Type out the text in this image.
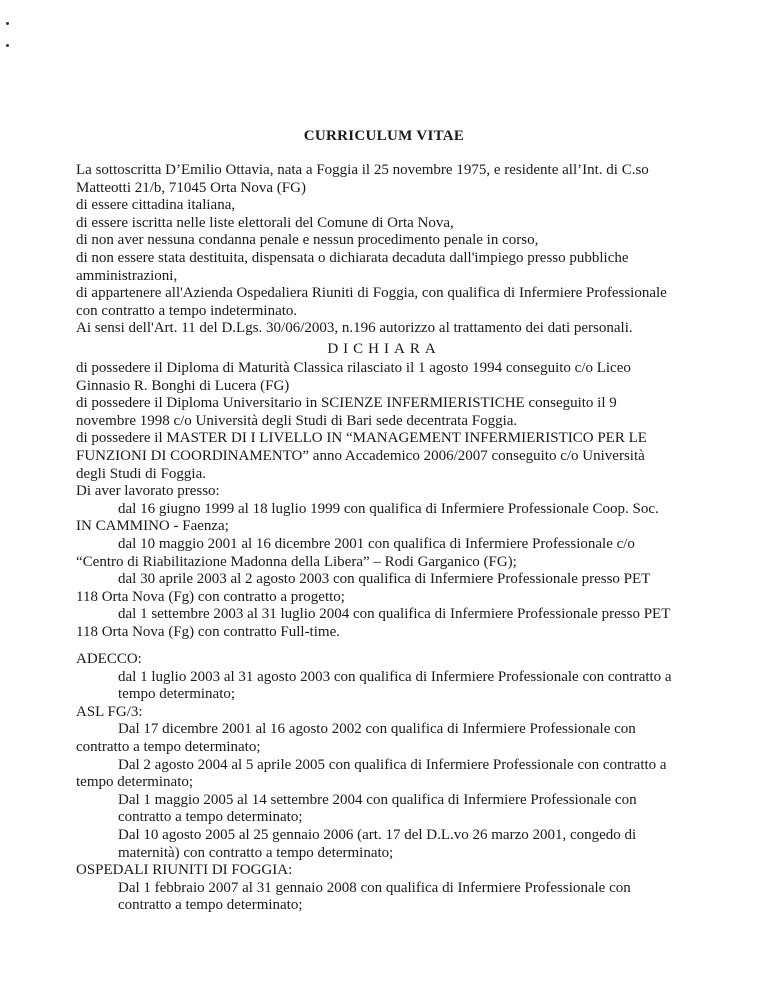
CURRICULUM VITAE
La sottoscritta D’Emilio Ottavia, nata a Foggia il 25 novembre 1975, e residente all’Int. di C.so
Matteotti 21/b, 71045 Orta Nova (FG)
di essere cittadina italiana,
di essere iscritta nelle liste elettorali del Comune di Orta Nova,
di non aver nessuna condanna penale e nessun procedimento penale in corso,
di non essere stata destituita, dispensata o dichiarata decaduta dall'impiego presso pubbliche
amministrazioni,
di appartenere all'Azienda Ospedaliera Riuniti di Foggia, con qualifica di Infermiere Professionale
con contratto a tempo indeterminato.
Ai sensi dell'Art. 11 del D.Lgs. 30/06/2003, n.196 autorizzo al trattamento dei dati personali.
DICHIARA
di possedere il Diploma di Maturità Classica rilasciato il 1 agosto 1994 conseguito c/o Liceo
Ginnasio R. Bonghi di Lucera (FG)
di possedere il Diploma Universitario in SCIENZE INFERMIERISTICHE conseguito il 9
novembre 1998 c/o Università degli Studi di Bari sede decentrata Foggia.
di possedere il MASTER DI I LIVELLO IN “MANAGEMENT INFERMIERISTICO PER LE
FUNZIONI DI COORDINAMENTO” anno Accademico 2006/2007 conseguito c/o Università
degli Studi di Foggia.
Di aver lavorato presso:
dal 16 giugno 1999 al 18 luglio 1999 con qualifica di Infermiere Professionale Coop. Soc.
IN CAMMINO - Faenza;
dal 10 maggio 2001 al 16 dicembre 2001 con qualifica di Infermiere Professionale c/o
“Centro di Riabilitazione Madonna della Libera” – Rodi Garganico (FG);
dal 30 aprile 2003 al 2 agosto 2003 con qualifica di Infermiere Professionale presso PET
118 Orta Nova (Fg) con contratto a progetto;
dal 1 settembre 2003 al 31 luglio 2004 con qualifica di Infermiere Professionale presso PET
118 Orta Nova (Fg) con contratto Full-time.
ADECCO:
dal 1 luglio 2003 al 31 agosto 2003 con qualifica di Infermiere Professionale con contratto a
tempo determinato;
ASL FG/3:
Dal 17 dicembre 2001 al 16 agosto 2002 con qualifica di Infermiere Professionale con
contratto a tempo determinato;
Dal 2 agosto 2004 al 5 aprile 2005 con qualifica di Infermiere Professionale con contratto a
tempo determinato;
Dal 1 maggio 2005 al 14 settembre 2004 con qualifica di Infermiere Professionale con
contratto a tempo determinato;
Dal 10 agosto 2005 al 25 gennaio 2006 (art. 17 del D.L.vo 26 marzo 2001, congedo di
maternità) con contratto a tempo determinato;
OSPEDALI RIUNITI DI FOGGIA:
Dal 1 febbraio 2007 al 31 gennaio 2008 con qualifica di Infermiere Professionale con
contratto a tempo determinato;
